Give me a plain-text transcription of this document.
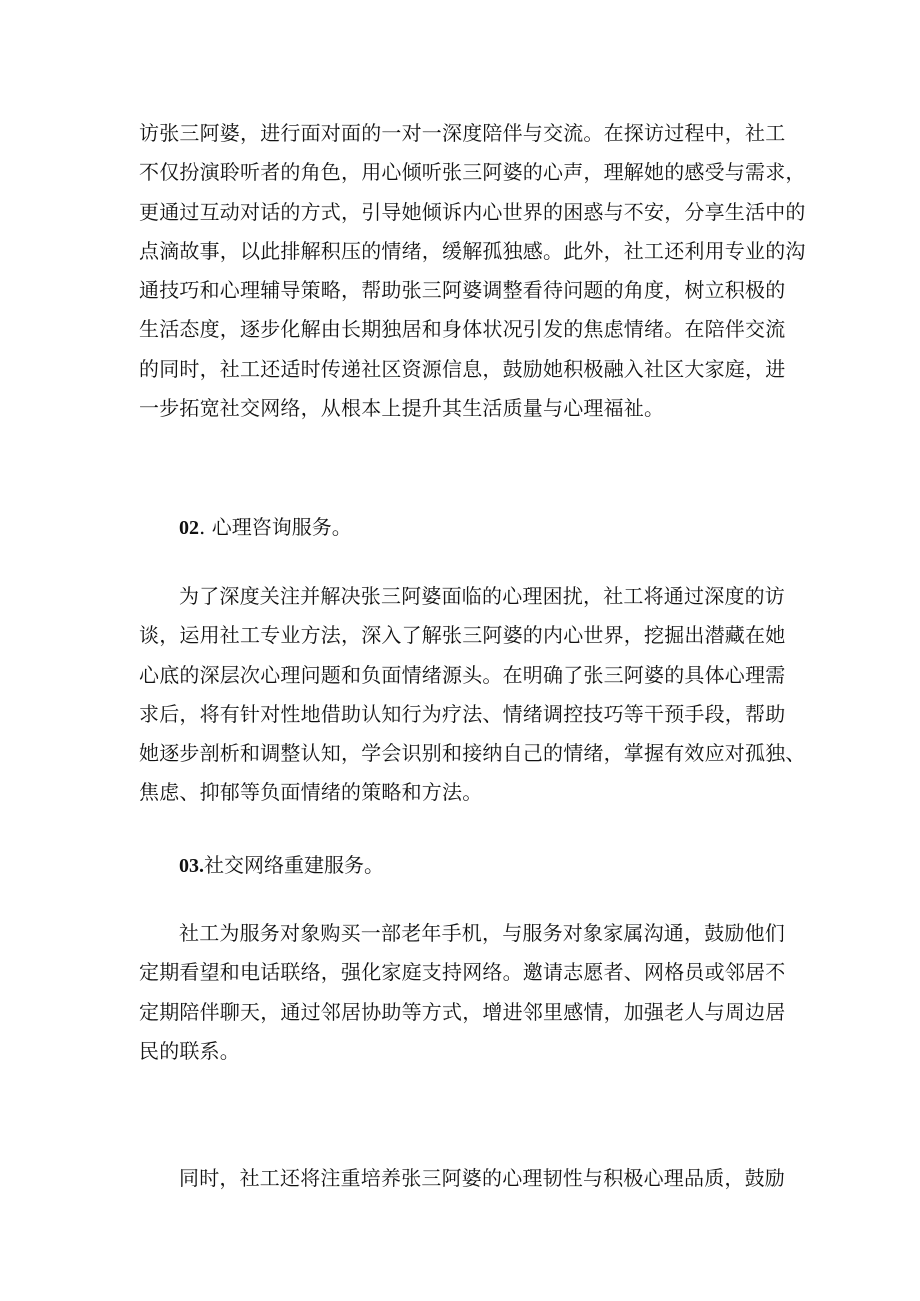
访张三阿婆，进行面对面的一对一深度陪伴与交流。在探访过程中，社工
不仅扮演聆听者的角色，用心倾听张三阿婆的心声，理解她的感受与需求，
更通过互动对话的方式，引导她倾诉内心世界的困惑与不安，分享生活中的
点滴故事，以此排解积压的情绪，缓解孤独感。此外，社工还利用专业的沟
通技巧和心理辅导策略，帮助张三阿婆调整看待问题的角度，树立积极的
生活态度，逐步化解由长期独居和身体状况引发的焦虑情绪。在陪伴交流
的同时，社工还适时传递社区资源信息，鼓励她积极融入社区大家庭，进
一步拓宽社交网络，从根本上提升其生活质量与心理福祉。
02. 心理咨询服务。
为了深度关注并解决张三阿婆面临的心理困扰，社工将通过深度的访
谈，运用社工专业方法，深入了解张三阿婆的内心世界，挖掘出潜藏在她
心底的深层次心理问题和负面情绪源头。在明确了张三阿婆的具体心理需
求后，将有针对性地借助认知行为疗法、情绪调控技巧等干预手段，帮助
她逐步剖析和调整认知，学会识别和接纳自己的情绪，掌握有效应对孤独、
焦虑、抑郁等负面情绪的策略和方法。
03.社交网络重建服务。
社工为服务对象购买一部老年手机，与服务对象家属沟通，鼓励他们
定期看望和电话联络，强化家庭支持网络。邀请志愿者、网格员或邻居不
定期陪伴聊天，通过邻居协助等方式，增进邻里感情，加强老人与周边居
民的联系。
同时，社工还将注重培养张三阿婆的心理韧性与积极心理品质，鼓励
